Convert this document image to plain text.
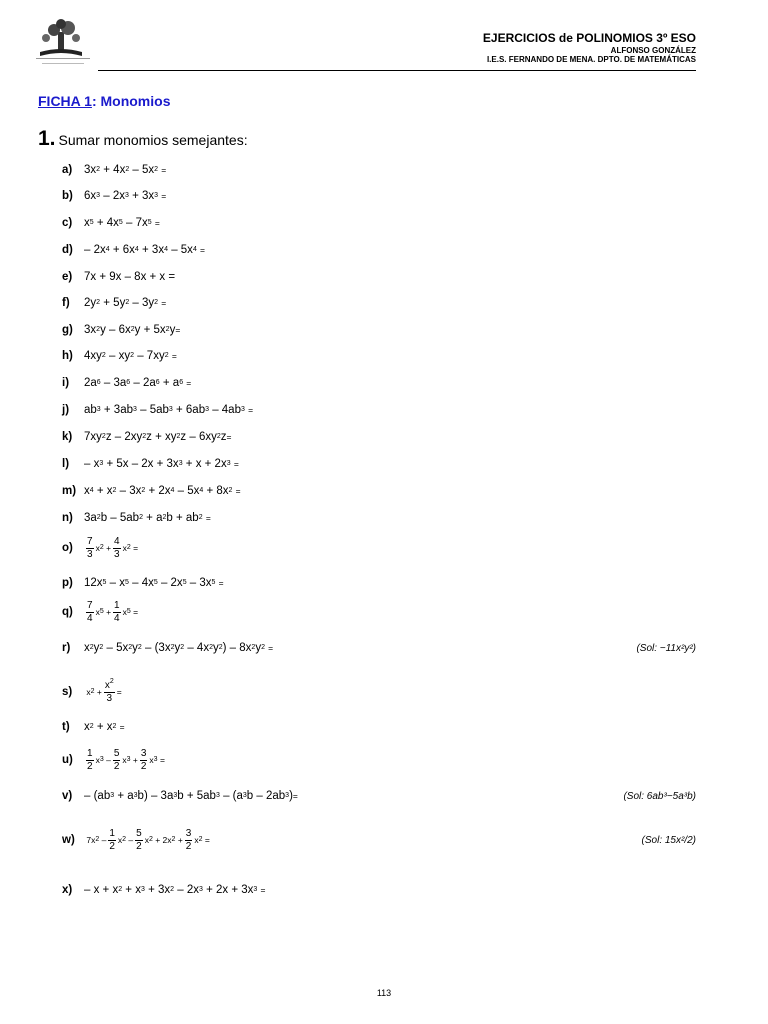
EJERCICIOS de POLINOMIOS 3º ESO
ALFONSO GONZÁLEZ
I.E.S. FERNANDO DE MENA. DPTO. DE MATEMÁTICAS
FICHA 1: Monomios
1. Sumar monomios semejantes:
a)	3x 2 + 4x 2 – 5x 2
=
b) 6x 3 – 2x 3 + 3x 3
=
c)	x 5 + 4x 5 – 7x 5
=
d) – 2x 4 + 6x 4 + 3x 4 – 5x 4
=
e)	7x + 9x – 8x + x =
f)	2y 2 + 5y 2 – 3y 2
=
g) 3x 2 y – 6x 2 y + 5x 2 y =
h) 4xy 2 – xy 2 – 7xy 2
=
i)	2a 6 – 3a 6 – 2a 6 + a 6
=
j)	ab 3 + 3ab 3 – 5ab 3 + 6ab 3 – 4ab 3
=
k)	7xy 2 z – 2xy 2 z + xy 2 z – 6xy 2 z =
l)	– x 3 + 5x – 2x + 3x 3 + x + 2x 3
=
m) x 4 + x 2 – 3x 2 + 2x 4 – 5x 4 + 8x 2
=
n) 3a 2 b – 5ab 2 + a 2 b + ab 2
=
o)	$\frac{7}{3}$ x $2 + \frac{4}{3}$ x 2 =
p) 12x 5 – x 5 – 4x 5 – 2x 5 – 3x 5
=
q)	$\frac{7}{4}$ x $5 + \frac{1}{4}$ x 5 =
r)	x 2 y 2 – 5x 2 y 2 – (3x 2 y 2 – 4x 2 y 2 ) – 8x 2 y 2
=	(Sol: −11x²y²)
s)	x $2 + \frac{x^2}{3}$ =
t)	x 2 + x 2
=
u)	$\frac{1}{2}$ x $3 - \frac{5}{2}$ x $3 + \frac{3}{2}$ x 3 =
v)	– (ab 3 + a 3 b) – 3a 3 b + 5ab 3 – (a 3 b – 2ab 3 ) =	(Sol: 6ab³−5a³b)
w)	7x $2 - \frac{1}{2}$ x $2 - \frac{5}{2}$ x 2 + 2x $2 + \frac{3}{2}$ x 2 =	(Sol: 15x²/2)
x)	– x + x 2 + x 3 + 3x 2 – 2x 3 + 2x + 3x 3
=
113
